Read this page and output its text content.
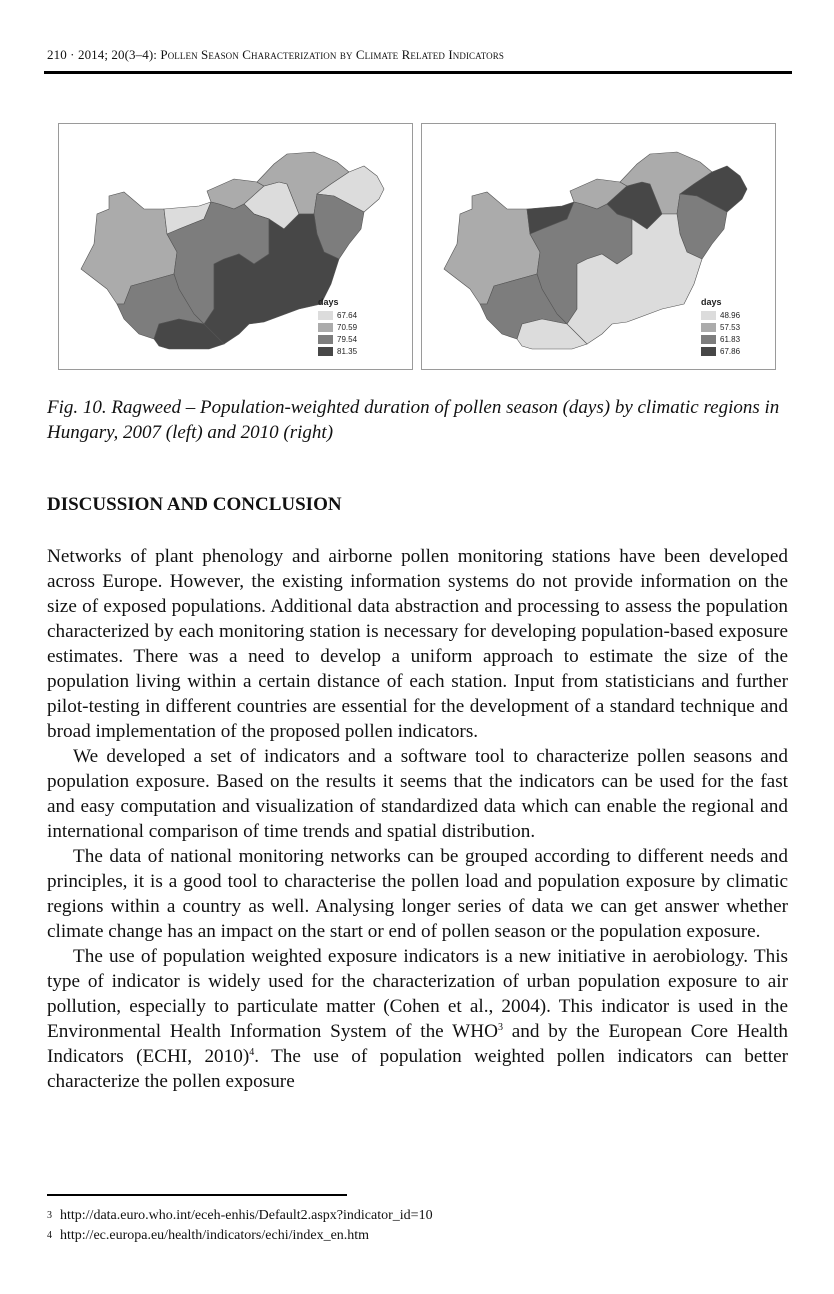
210 · 2014; 20(3–4): Pollen Season Characterization by Climate Related Indicators
days
67.64
70.59
79.54
81.35
days
48.96
57.53
61.83
67.86
Fig. 10. Ragweed – Population-weighted duration of pollen season (days) by climatic regions in Hungary, 2007 (left) and 2010 (right)
DISCUSSION AND CONCLUSION

Networks of plant phenology and airborne pollen monitoring stations have been developed across Europe. However, the existing information systems do not provide information on the size of exposed populations. Additional data abstraction and processing to assess the population characterized by each monitoring station is necessary for developing population-based exposure estimates. There was a need to develop a uniform approach to estimate the size of the population living within a certain distance of each station. Input from statisticians and further pilot-testing in different countries are essential for the development of a standard technique and broad implementation of the proposed pollen indicators.

We developed a set of indicators and a software tool to characterize pollen seasons and population exposure. Based on the results it seems that the indicators can be used for the fast and easy computation and visualization of standardized data which can enable the regional and international comparison of time trends and spatial distribution.

The data of national monitoring networks can be grouped according to different needs and principles, it is a good tool to characterise the pollen load and population exposure by climatic regions within a country as well. Analysing longer series of data we can get answer whether climate change has an impact on the start or end of pollen season or the population exposure.

The use of population weighted exposure indicators is a new initiative in aerobiology. This type of indicator is widely used for the characterization of urban population exposure to air pollution, especially to particulate matter (Cohen et al., 2004). This indicator is used in the Environmental Health Information System of the WHO$^3$ and by the European Core Health Indicators (ECHI, 2010)$^4$. The use of population weighted pollen indicators can better characterize the pollen exposure

$^3$ http://data.euro.who.int/eceh-enhis/Default2.aspx?indicator_id=10
$^4$ http://ec.europa.eu/health/indicators/echi/index_en.htm
